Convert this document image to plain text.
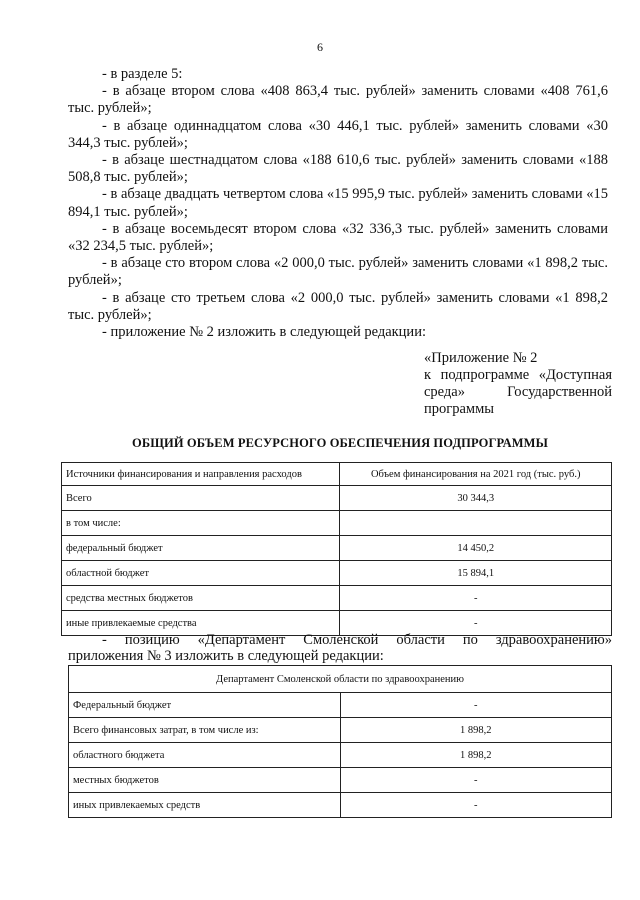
6

- в разделе 5:

- в абзаце втором слова «408 863,4 тыс. рублей» заменить словами «408 761,6 тыс. рублей»;

- в абзаце одиннадцатом слова «30 446,1 тыс. рублей» заменить словами «30 344,3 тыс. рублей»;

- в абзаце шестнадцатом слова «188 610,6 тыс. рублей» заменить словами «188 508,8 тыс. рублей»;

- в абзаце двадцать четвертом слова «15 995,9 тыс. рублей» заменить словами «15 894,1 тыс. рублей»;

- в абзаце восемьдесят втором слова «32 336,3 тыс. рублей» заменить словами «32 234,5 тыс. рублей»;

- в абзаце сто втором слова «2 000,0 тыс. рублей» заменить словами «1 898,2 тыс. рублей»;

- в абзаце сто третьем слова «2 000,0 тыс. рублей» заменить словами «1 898,2 тыс. рублей»;

- приложение № 2 изложить в следующей редакции:

«Приложение № 2
к подпрограмме «Доступная
среда» Государственной
программы
ОБЩИЙ ОБЪЕМ РЕСУРСНОГО ОБЕСПЕЧЕНИЯ ПОДПРОГРАММЫ
Источники финансирования и направления расходов	Объем финансирования на 2021 год (тыс. руб.)
Всего	30 344,3
в том числе:	
федеральный бюджет	14 450,2
областной бюджет	15 894,1
средства местных бюджетов	-
иные привлекаемые средства	-

- позицию «Департамент Смоленской области по здравоохранению»

приложения № 3 изложить в следующей редакции:

Департамент Смоленской области по здравоохранению	
Федеральный бюджет	-
Всего финансовых затрат, в том числе из:	1 898,2
областного бюджета	1 898,2
местных бюджетов	-
иных привлекаемых средств	-
